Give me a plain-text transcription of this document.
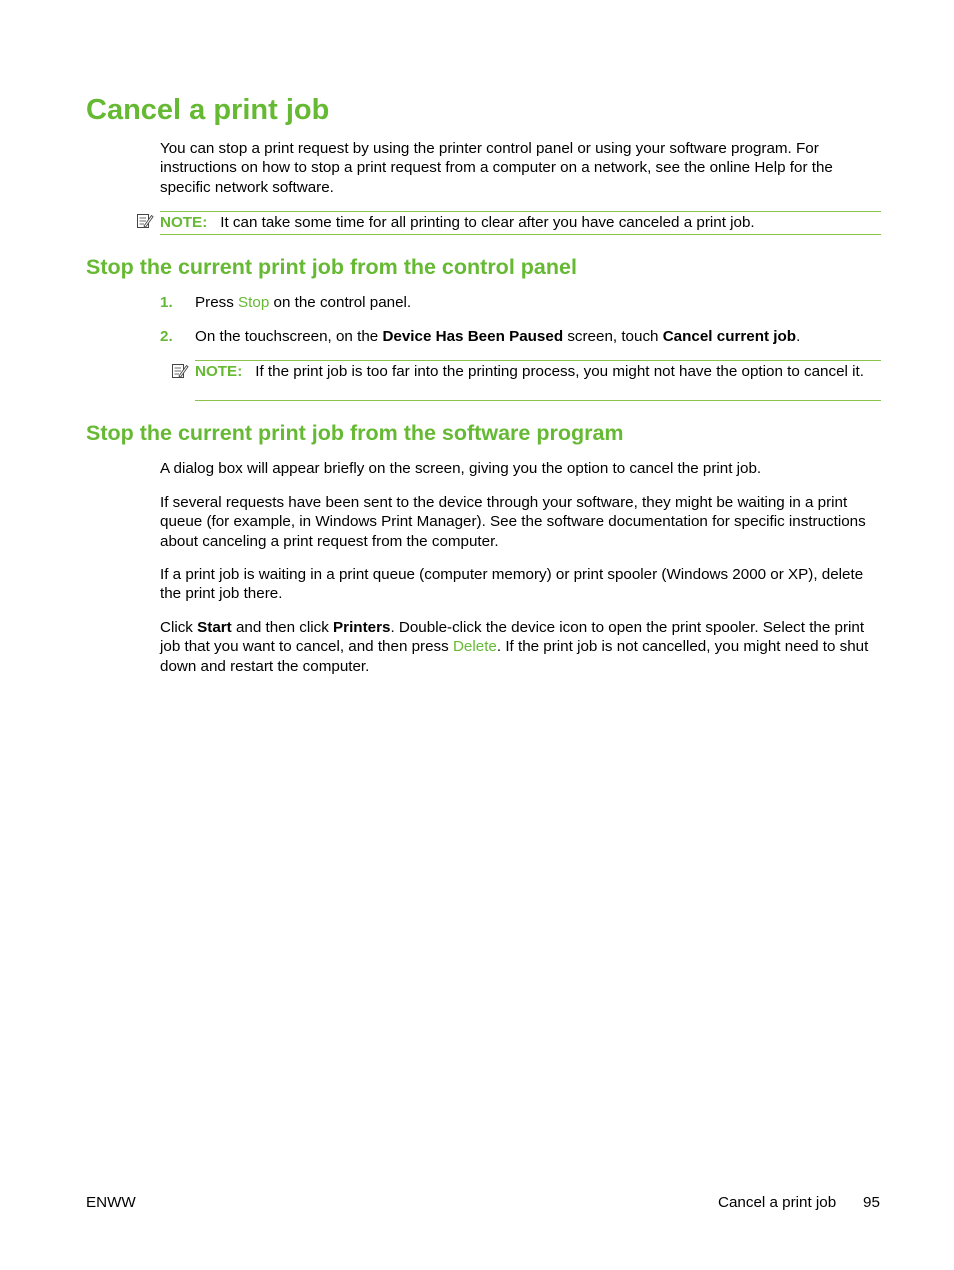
Cancel a print job

You can stop a print request by using the printer control panel or using your software program. For instructions on how to stop a print request from a computer on a network, see the online Help for the specific network software.

NOTE: It can take some time for all printing to clear after you have canceled a print job.
Stop the current print job from the control panel
1. Press Stop on the control panel.
2. On the touchscreen, on the Device Has Been Paused screen, touch Cancel current job.
NOTE: If the print job is too far into the printing process, you might not have the option to cancel it.
Stop the current print job from the software program

A dialog box will appear briefly on the screen, giving you the option to cancel the print job.

If several requests have been sent to the device through your software, they might be waiting in a print queue (for example, in Windows Print Manager). See the software documentation for specific instructions about canceling a print request from the computer.

If a print job is waiting in a print queue (computer memory) or print spooler (Windows 2000 or XP), delete the print job there.

Click Start and then click Printers. Double-click the device icon to open the print spooler. Select the print job that you want to cancel, and then press Delete. If the print job is not cancelled, you might need to shut down and restart the computer.

ENWW	Cancel a print job 95
